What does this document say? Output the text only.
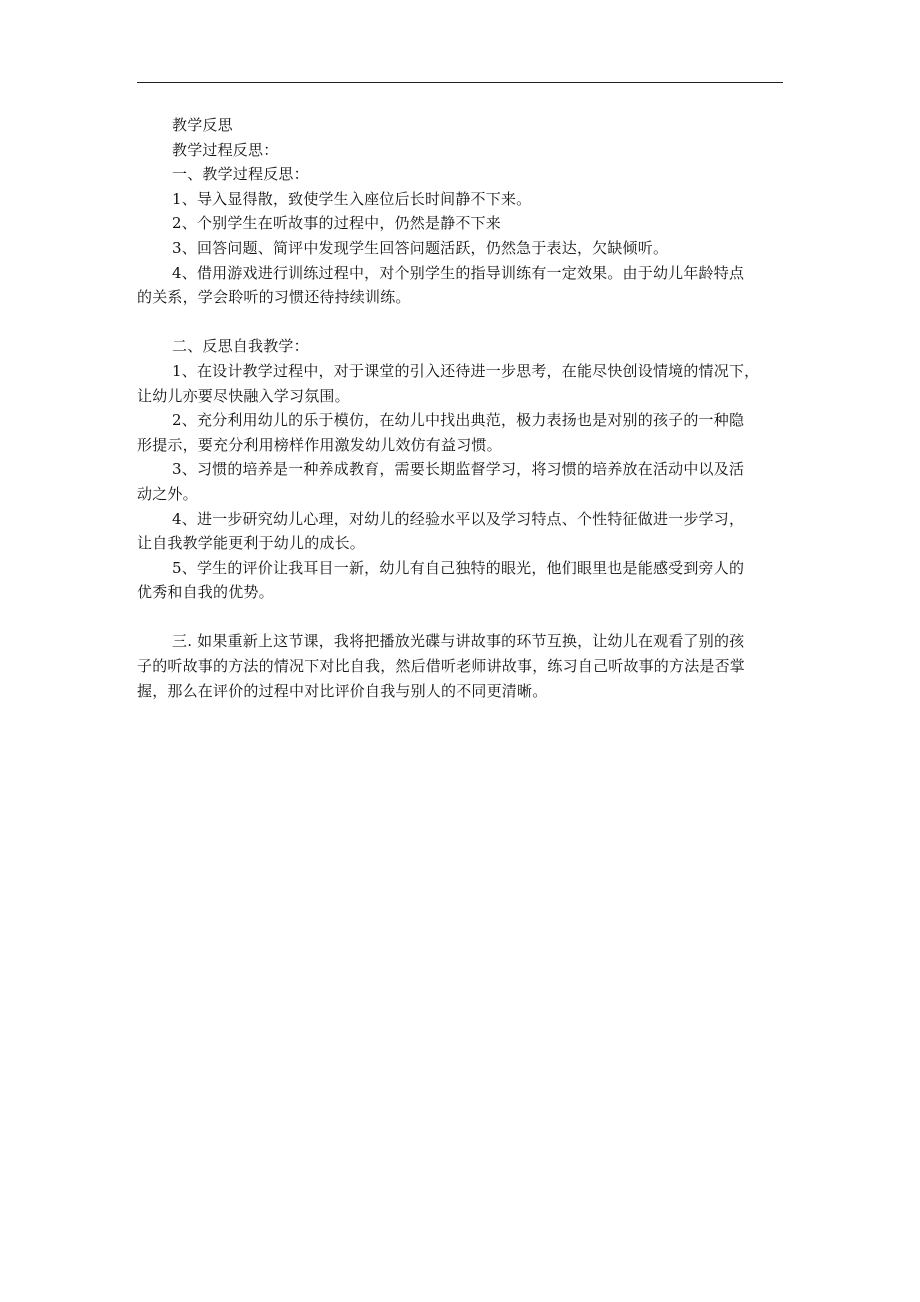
教学反思

教学过程反思：

一、教学过程反思：

1、导入显得散，致使学生入座位后长时间静不下来。

2、个别学生在听故事的过程中，仍然是静不下来

3、回答问题、简评中发现学生回答问题活跃，仍然急于表达，欠缺倾听。

4、借用游戏进行训练过程中，对个别学生的指导训练有一定效果。由于幼儿年龄特点

的关系，学会聆听的习惯还待持续训练。

二、反思自我教学：

1、在设计教学过程中，对于课堂的引入还待进一步思考，在能尽快创设情境的情况下，

让幼儿亦要尽快融入学习氛围。

2、充分利用幼儿的乐于模仿，在幼儿中找出典范，极力表扬也是对别的孩子的一种隐

形提示，要充分利用榜样作用激发幼儿效仿有益习惯。

3、习惯的培养是一种养成教育，需要长期监督学习，将习惯的培养放在活动中以及活

动之外。

4、进一步研究幼儿心理，对幼儿的经验水平以及学习特点、个性特征做进一步学习，

让自我教学能更利于幼儿的成长。

5、学生的评价让我耳目一新，幼儿有自己独特的眼光，他们眼里也是能感受到旁人的

优秀和自我的优势。

三. 如果重新上这节课，我将把播放光碟与讲故事的环节互换，让幼儿在观看了别的孩

子的听故事的方法的情况下对比自我，然后借听老师讲故事，练习自己听故事的方法是否掌

握，那么在评价的过程中对比评价自我与别人的不同更清晰。
